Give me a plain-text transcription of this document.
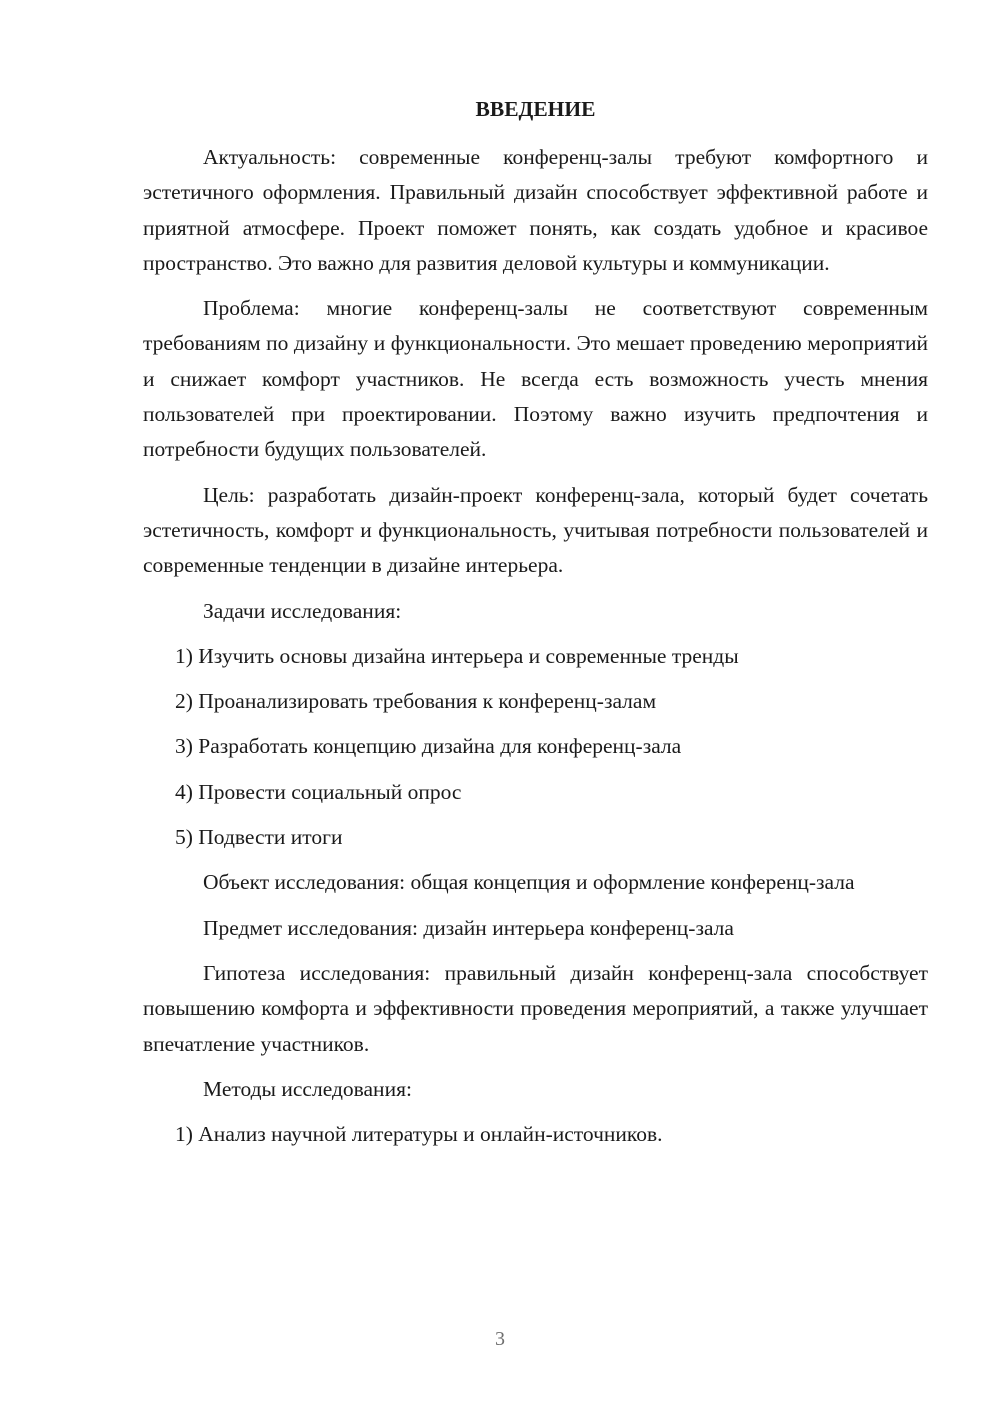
ВВЕДЕНИЕ

Актуальность: современные конференц-залы требуют комфортного и эстетичного оформления. Правильный дизайн способствует эффективной работе и приятной атмосфере. Проект поможет понять, как создать удобное и красивое пространство. Это важно для развития деловой культуры и коммуникации.

Проблема: многие конференц-залы не соответствуют современным требованиям по дизайну и функциональности. Это мешает проведению мероприятий и снижает комфорт участников. Не всегда есть возможность учесть мнения пользователей при проектировании. Поэтому важно изучить предпочтения и потребности будущих пользователей.

Цель: разработать дизайн-проект конференц-зала, который будет сочетать эстетичность, комфорт и функциональность, учитывая потребности пользователей и современные тенденции в дизайне интерьера.

Задачи исследования:

1) Изучить основы дизайна интерьера и современные тренды
2) Проанализировать требования к конференц-залам
3) Разработать концепцию дизайна для конференц-зала
4) Провести социальный опрос
5) Подвести итоги

Объект исследования: общая концепция и оформление конференц-зала

Предмет исследования: дизайн интерьера конференц-зала

Гипотеза исследования: правильный дизайн конференц-зала способствует повышению комфорта и эффективности проведения мероприятий, а также улучшает впечатление участников.

Методы исследования:

1) Анализ научной литературы и онлайн-источников.
3
